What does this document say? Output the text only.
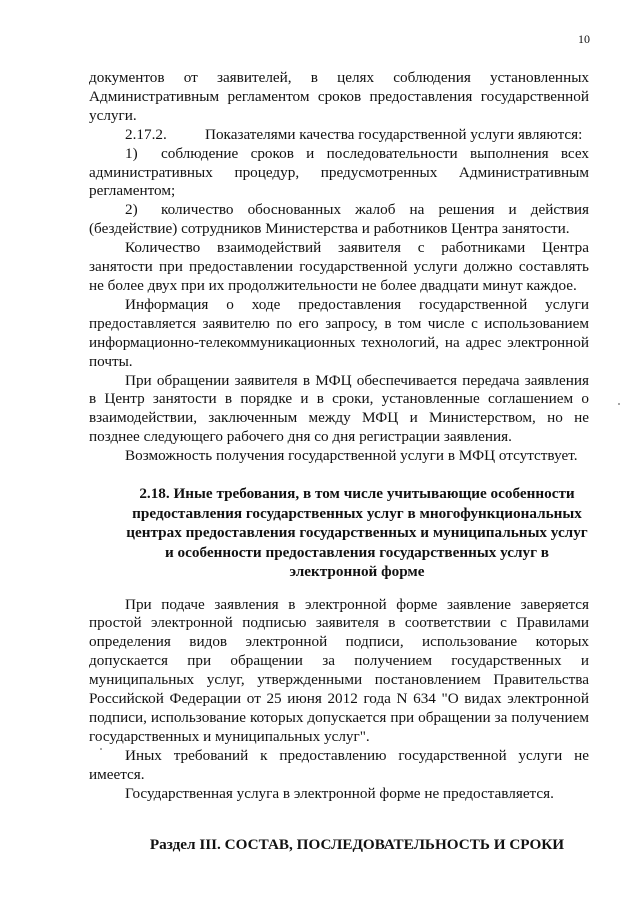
10

документов от заявителей, в целях соблюдения установленных Административным регламентом сроков предоставления государственной услуги.

2.17.2.	Показателями качества государственной услуги являются:

1) соблюдение сроков и последовательности выполнения всех административных процедур, предусмотренных Административным регламентом;

2) количество обоснованных жалоб на решения и действия (бездействие) сотрудников Министерства и работников Центра занятости.

Количество взаимодействий заявителя с работниками Центра занятости при предоставлении государственной услуги должно составлять не более двух при их продолжительности не более двадцати минут каждое.

Информация о ходе предоставления государственной услуги предоставляется заявителю по его запросу, в том числе с использованием информационно-телекоммуникационных технологий, на адрес электронной почты.

При обращении заявителя в МФЦ обеспечивается передача заявления в Центр занятости в порядке и в сроки, установленные соглашением о взаимодействии, заключенным между МФЦ и Министерством, но не позднее следующего рабочего дня со дня регистрации заявления.

Возможность получения государственной услуги в МФЦ отсутствует.

2.18. Иные требования, в том числе учитывающие особенности предоставления государственных услуг в многофункциональных центрах предоставления государственных и муниципальных услуг и особенности предоставления государственных услуг в электронной форме

При подаче заявления в электронной форме заявление заверяется простой электронной подписью заявителя в соответствии с Правилами определения видов электронной подписи, использование которых допускается при обращении за получением государственных и муниципальных услуг, утвержденными постановлением Правительства Российской Федерации от 25 июня 2012 года N 634 "О видах электронной подписи, использование которых допускается при обращении за получением государственных и муниципальных услуг".

Иных требований к предоставлению государственной услуги не имеется.

Государственная услуга в электронной форме не предоставляется.

Раздел III. СОСТАВ, ПОСЛЕДОВАТЕЛЬНОСТЬ И СРОКИ
